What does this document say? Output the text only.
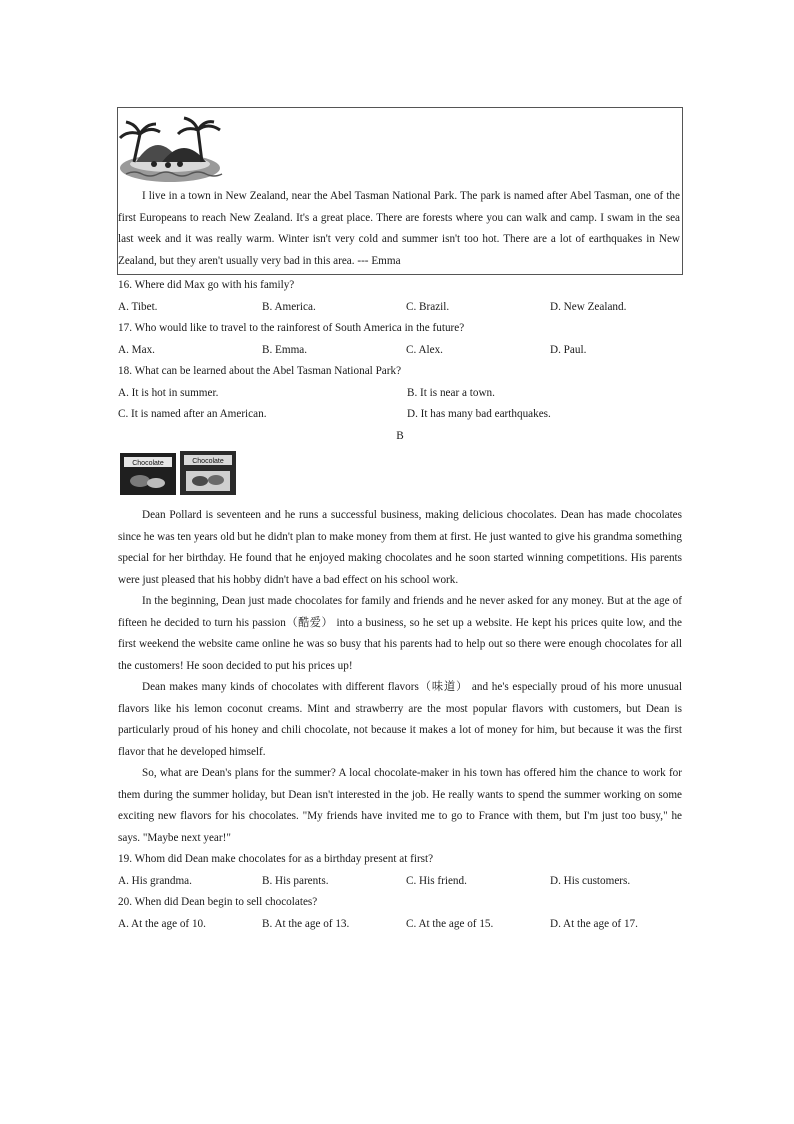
I live in a town in New Zealand, near the Abel Tasman National Park. The park is named after Abel Tasman, one of the first Europeans to reach New Zealand. It's a great place. There are forests where you can walk and camp. I swam in the sea last week and it was really warm. Winter isn't very cold and summer isn't too hot. There are a lot of earthquakes in New Zealand, but they aren't usually very bad in this area. --- Emma

16. Where did Max go with his family?

A. Tibet.	B. America.	C. Brazil.	D. New Zealand.

17. Who would like to travel to the rainforest of South America in the future?

A. Max.	B. Emma.	C. Alex.	D. Paul.

18. What can be learned about the Abel Tasman National Park?

A. It is hot in summer.	B. It is near a town.
C. It is named after an American.	D. It has many bad earthquakes.
B
Chocolate	Chocolate

Dean Pollard is seventeen and he runs a successful business, making delicious chocolates. Dean has made chocolates since he was ten years old but he didn't plan to make money from them at first. He just wanted to give his grandma something special for her birthday. He found that he enjoyed making chocolates and he soon started winning competitions. His parents were just pleased that his hobby didn't have a bad effect on his school work.

In the beginning, Dean just made chocolates for family and friends and he never asked for any money. But at the age of fifteen he decided to turn his passion（酷爱） into a business, so he set up a website. He kept his prices quite low, and the first weekend the website came online he was so busy that his parents had to help out so there were enough chocolates for all the customers! He soon decided to put his prices up!

Dean makes many kinds of chocolates with different flavors（味道） and he's especially proud of his more unusual flavors like his lemon coconut creams. Mint and strawberry are the most popular flavors with customers, but Dean is particularly proud of his honey and chili chocolate, not because it makes a lot of money for him, but because it was the first flavor that he developed himself.

So, what are Dean's plans for the summer? A local chocolate-maker in his town has offered him the chance to work for them during the summer holiday, but Dean isn't interested in the job. He really wants to spend the summer working on some exciting new flavors for his chocolates. "My friends have invited me to go to France with them, but I'm just too busy," he says. "Maybe next year!"

19. Whom did Dean make chocolates for as a birthday present at first?

A. His grandma.	B. His parents.	C. His friend.	D. His customers.

20. When did Dean begin to sell chocolates?

A. At the age of 10.	B. At the age of 13.	C. At the age of 15.	D. At the age of 17.
